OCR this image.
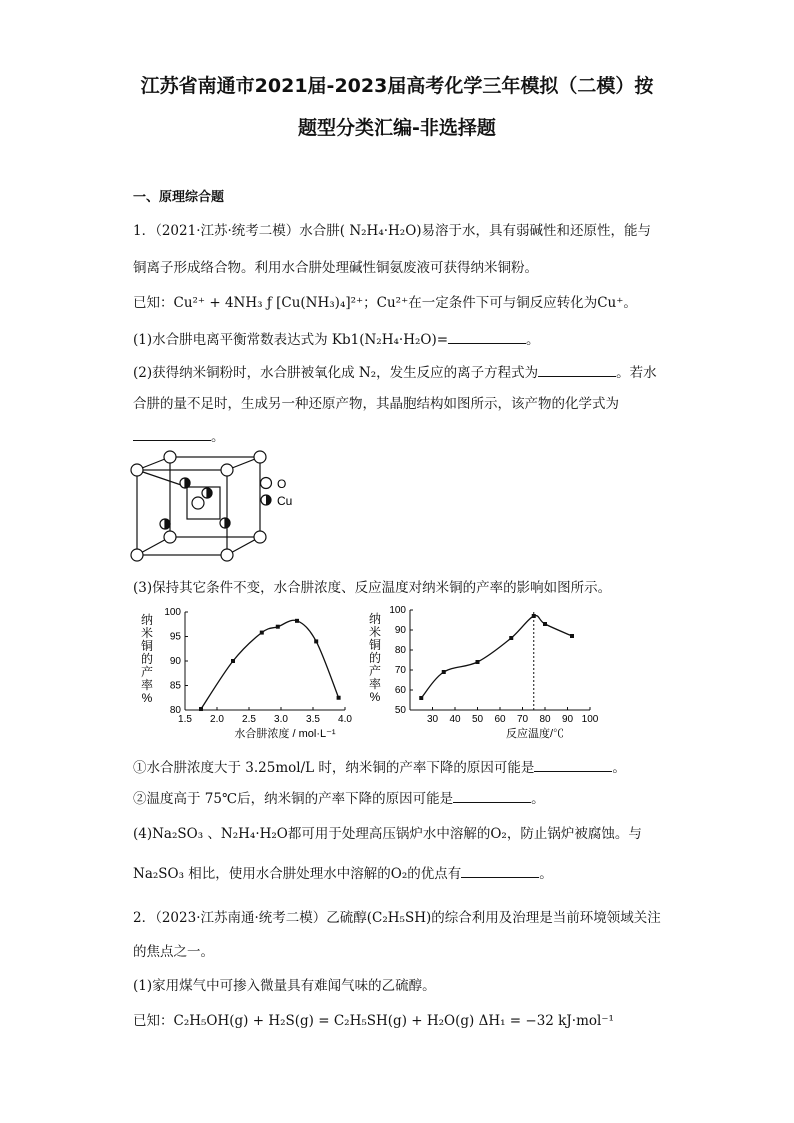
江苏省南通市2021届-2023届高考化学三年模拟（二模）按
题型分类汇编-非选择题
一、原理综合题
1．（2021·江苏·统考二模）水合肼( N₂H₄·H₂O)易溶于水，具有弱碱性和还原性，能与
铜离子形成络合物。利用水合肼处理碱性铜氨废液可获得纳米铜粉。
已知：Cu²⁺ + 4NH₃ ƒ [Cu(NH₃)₄]²⁺；Cu²⁺在一定条件下可与铜反应转化为Cu⁺。
(1)水合肼电离平衡常数表达式为 Kb1(N₂H₄·H₂O)=	。
(2)获得纳米铜粉时，水合肼被氧化成 N₂，发生反应的离子方程式为	。若水
合肼的量不足时，生成另一种还原产物，其晶胞结构如图所示，该产物的化学式为
。
O
Cu
(3)保持其它条件不变，水合肼浓度、反应温度对纳米铜的产率的影响如图所示。
纳米铜的产率%
1.5 2.0 2.5 3.0 3.5 4.0
80
85
90
95
100
水合肼浓度 / mol·L⁻¹
纳米铜的产率%
30 40 50 60 70 80 90 100
50
60
70
80
90
100
反应温度/℃
①水合肼浓度大于 3.25mol/L 时，纳米铜的产率下降的原因可能是	。
②温度高于 75℃后，纳米铜的产率下降的原因可能是	。
(4)Na₂SO₃ 、N₂H₄·H₂O都可用于处理高压锅炉水中溶解的O₂，防止锅炉被腐蚀。与
Na₂SO₃ 相比，使用水合肼处理水中溶解的O₂的优点有	。
2．（2023·江苏南通·统考二模）乙硫醇(C₂H₅SH)的综合利用及治理是当前环境领域关注
的焦点之一。
(1)家用煤气中可掺入微量具有难闻气味的乙硫醇。
已知：C₂H₅OH(g) + H₂S(g) = C₂H₅SH(g) + H₂O(g) ΔH₁ = −32 kJ·mol⁻¹
